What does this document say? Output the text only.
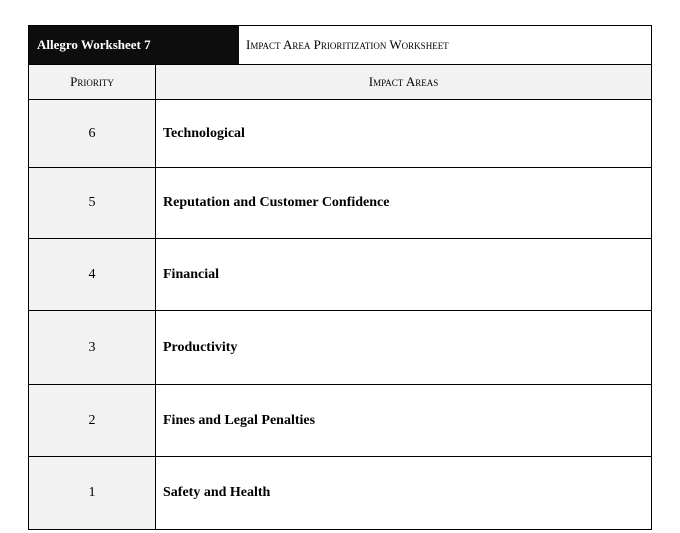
Allegro Worksheet 7	Impact Area Prioritization Worksheet
Priority	Impact Areas
6	Technological
5	Reputation and Customer Confidence
4	Financial
3	Productivity
2	Fines and Legal Penalties
1	Safety and Health
